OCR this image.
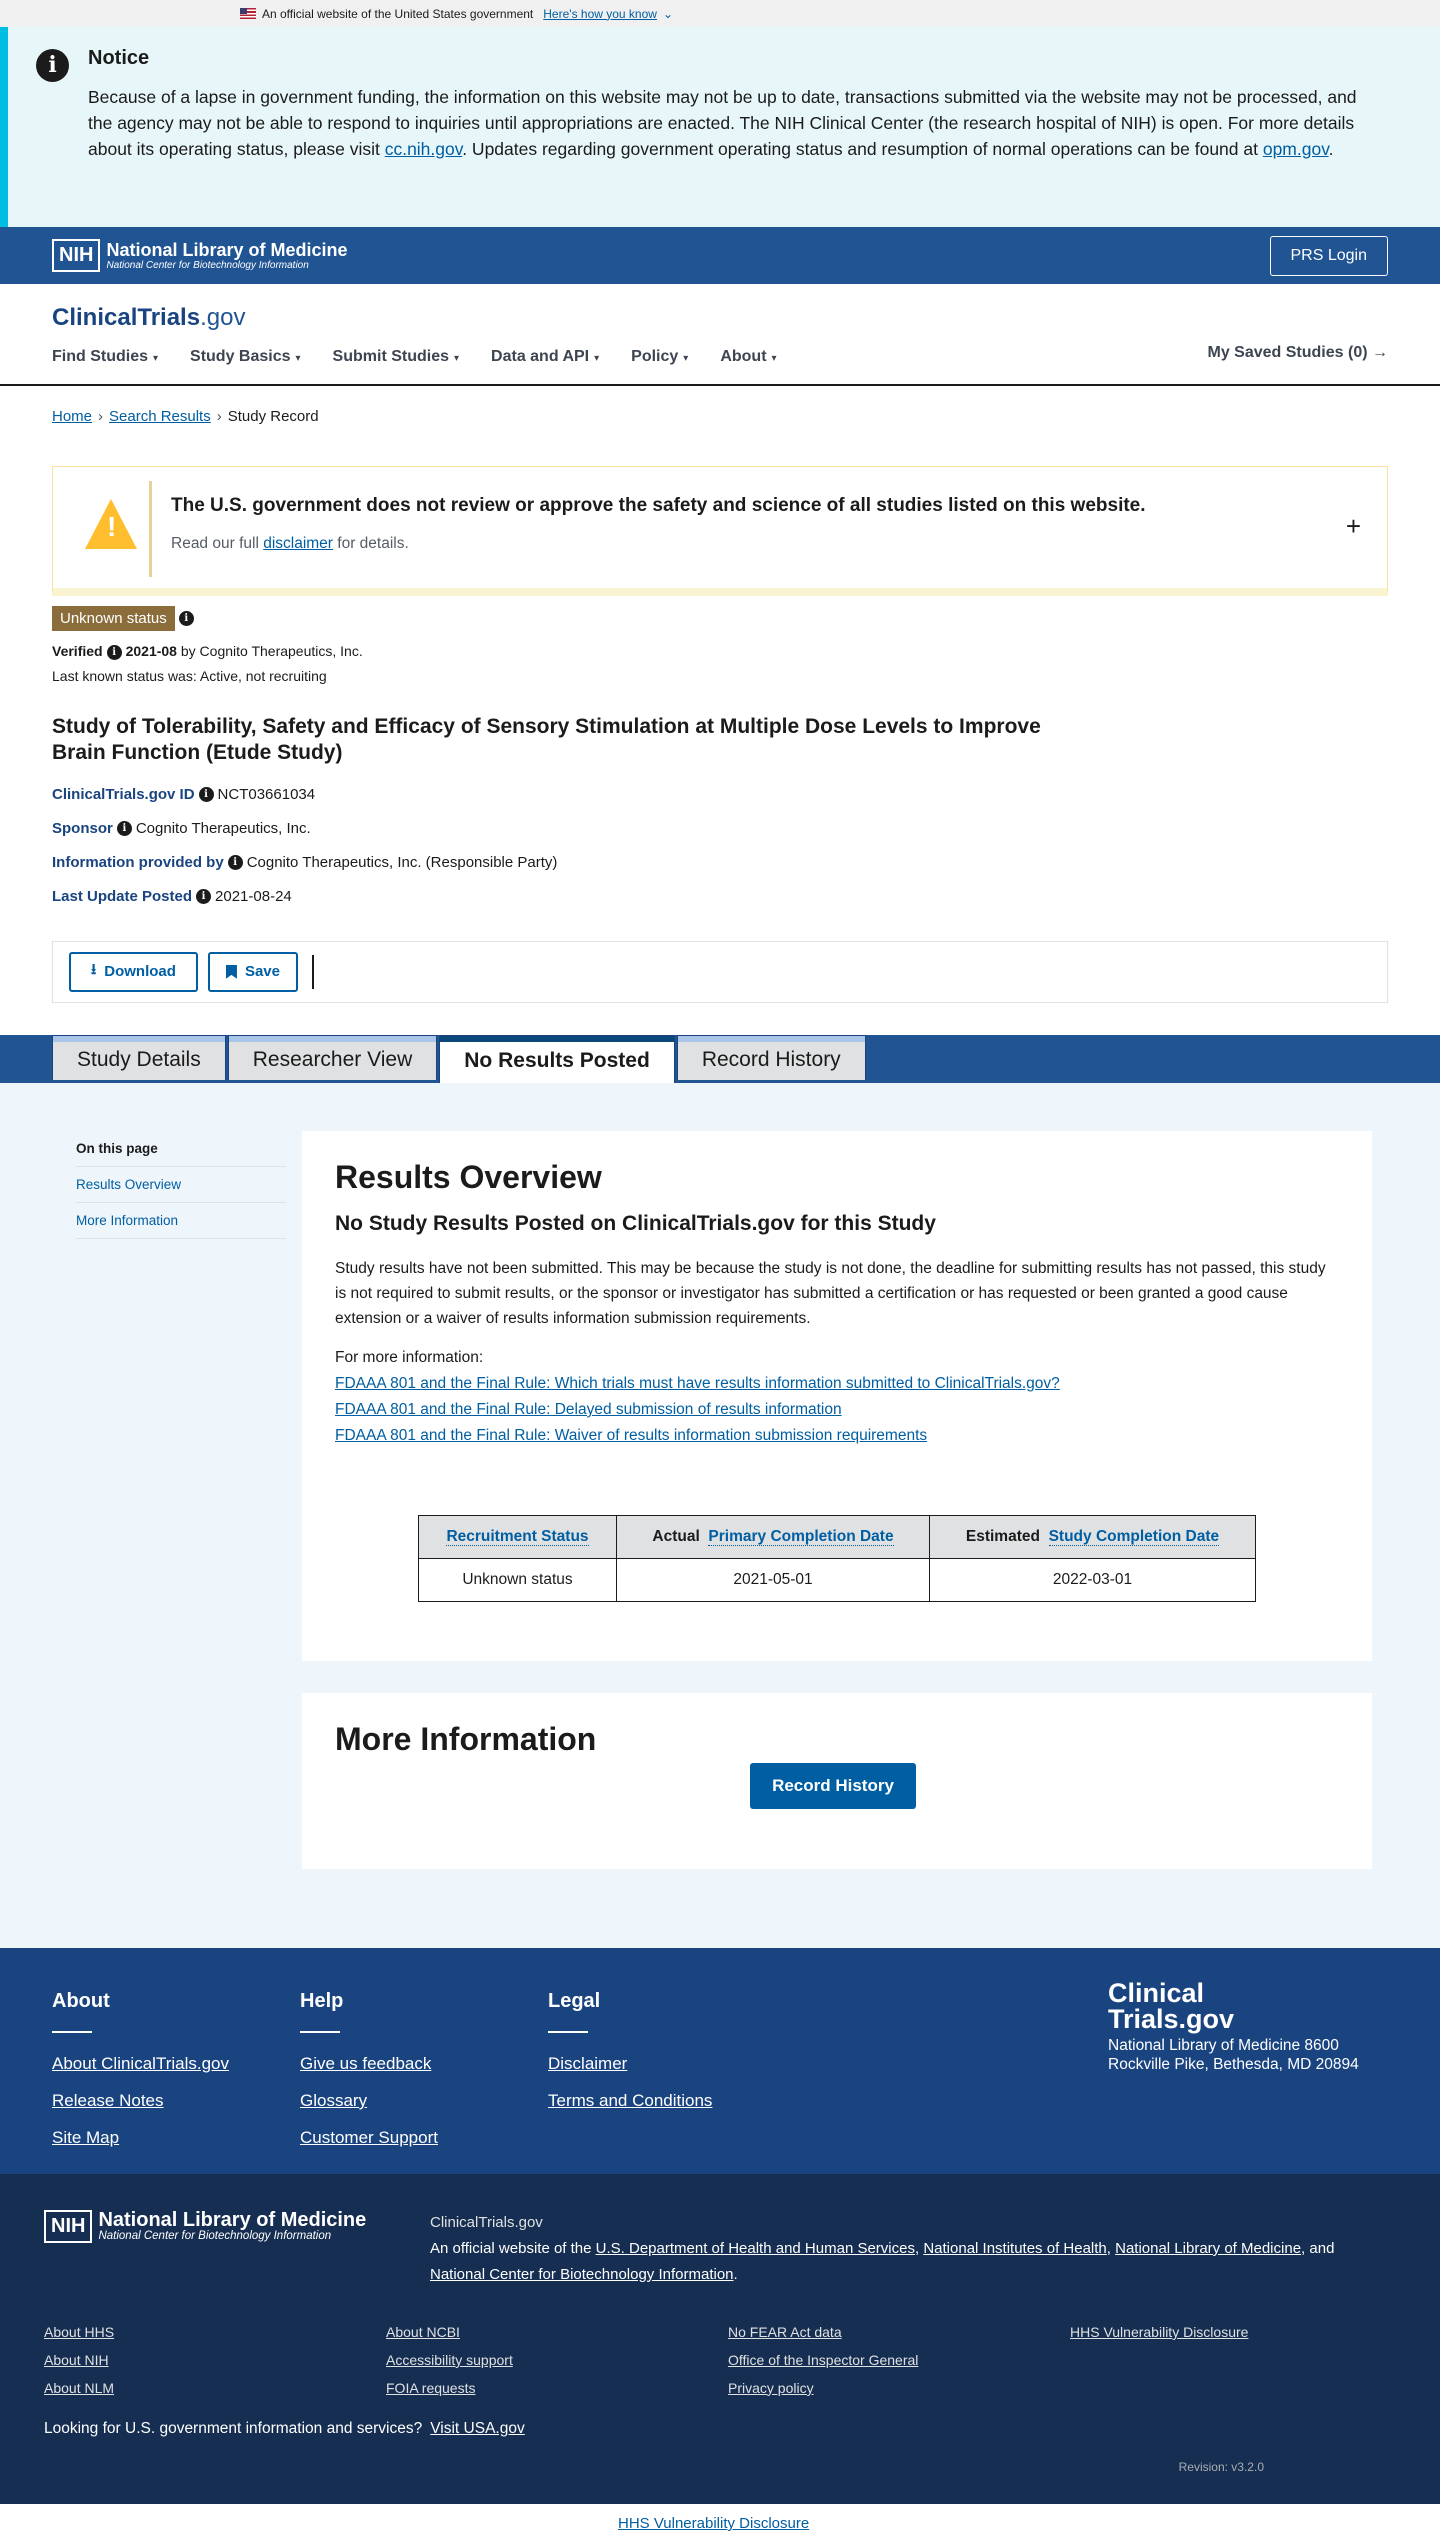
An official website of the United States government Here's how you know ⌄
i	Notice

Because of a lapse in government funding, the information on this website may not be up to date, transactions submitted via the website may not be processed, and the agency may not be able to respond to inquiries until appropriations are enacted. The NIH Clinical Center (the research hospital of NIH) is open. For more details about its operating status, please visit cc.nih.gov. Updates regarding government operating status and resumption of normal operations can be found at opm.gov.

NIH National Library of Medicine
National Center for Biotechnology Information
PRS Login
ClinicalTrials.gov
Find Studies ▾ Study Basics ▾ Submit Studies ▾ Data and API ▾ Policy ▾ About ▾	My Saved Studies (0) →
Home › Search Results › Study Record
!
The U.S. government does not review or approve the safety and science of all studies listed on this website.

Read our full disclaimer for details.

+
Unknown status i
Verified i 2021-08 by Cognito Therapeutics, Inc.
Last known status was: Active, not recruiting
Study of Tolerability, Safety and Efficacy of Sensory Stimulation at Multiple Dose Levels to Improve Brain Function (Etude Study)
ClinicalTrials.gov ID i NCT03661034
Sponsor i Cognito Therapeutics, Inc.
Information provided by i Cognito Therapeutics, Inc. (Responsible Party)
Last Update Posted i 2021-08-24
⭳ Download	Save
Study Details	Researcher View	No Results Posted	Record History
On this page
Results Overview
More Information
Results Overview
No Study Results Posted on ClinicalTrials.gov for this Study

Study results have not been submitted. This may be because the study is not done, the deadline for submitting results has not passed, this study is not required to submit results, or the sponsor or investigator has submitted a certification or has requested or been granted a good cause extension or a waiver of results information submission requirements.

For more information:
FDAAA 801 and the Final Rule: Which trials must have results information submitted to ClinicalTrials.gov?
FDAAA 801 and the Final Rule: Delayed submission of results information
FDAAA 801 and the Final Rule: Waiver of results information submission requirements
Recruitment Status	Actual Primary Completion Date	Estimated Study Completion Date
Unknown status	2021-05-01	2022-03-01
More Information
Record History
About
About ClinicalTrials.gov
Release Notes
Site Map
Help
Give us feedback
Glossary
Customer Support
Legal
Disclaimer
Terms and Conditions
Clinical
Trials.gov
National Library of Medicine 8600 Rockville Pike, Bethesda, MD 20894
NIH National Library of Medicine
National Center for Biotechnology Information
ClinicalTrials.gov
An official website of the U.S. Department of Health and Human Services, National Institutes of Health, National Library of Medicine, and National Center for Biotechnology Information.
About HHS
About NIH
About NLM
About NCBI
Accessibility support
FOIA requests
No FEAR Act data
Office of the Inspector General
Privacy policy
HHS Vulnerability Disclosure
Looking for U.S. government information and services? Visit USA.gov
Revision: v3.2.0
HHS Vulnerability Disclosure
